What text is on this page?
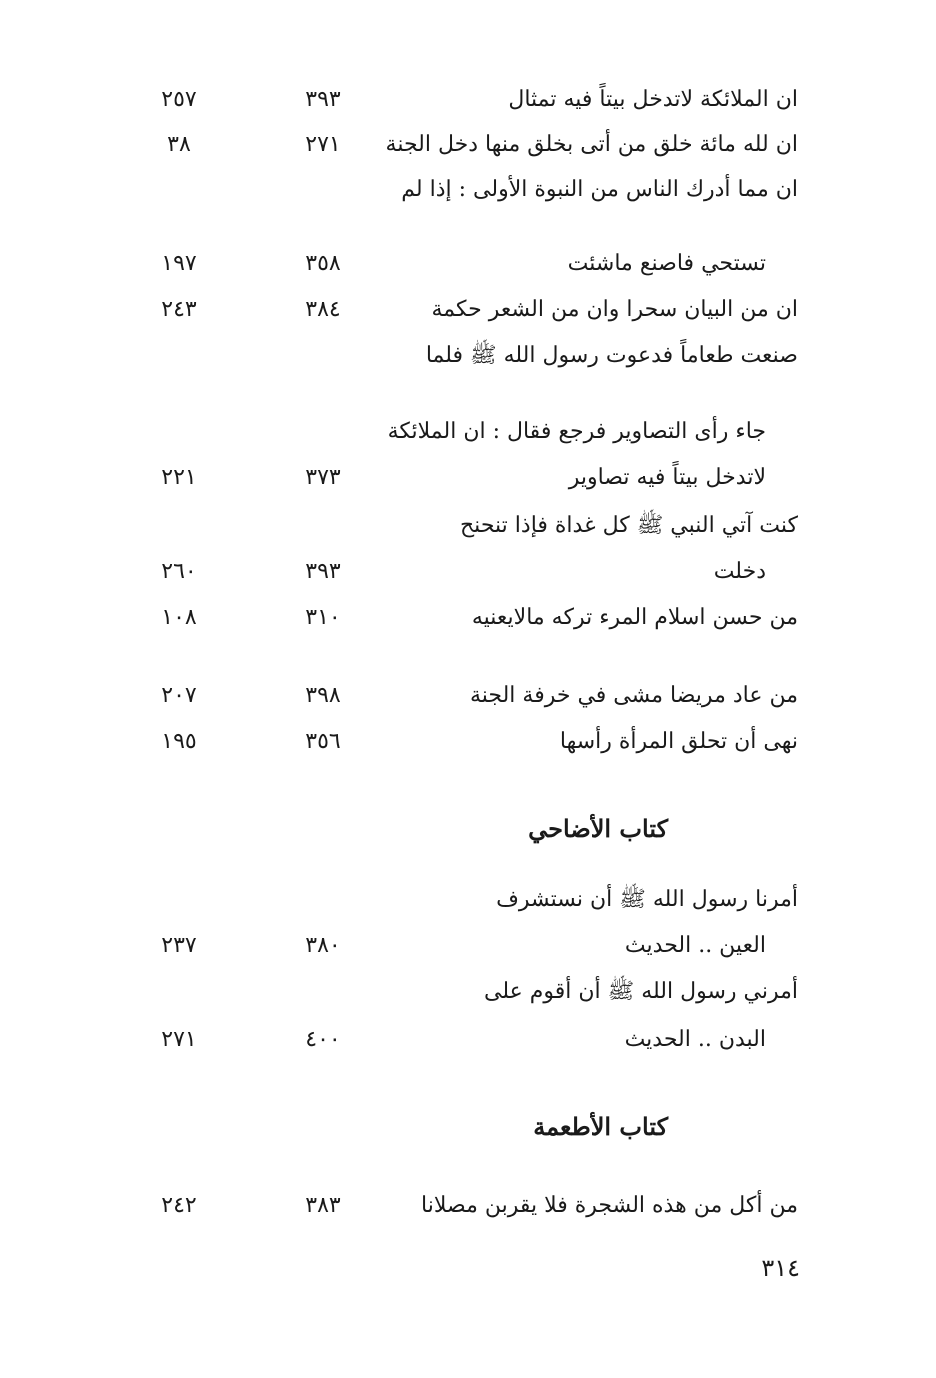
ان الملائكة لاتدخل بيتاً فيه تمثال
٣٩٣
٢٥٧
ان لله مائة خلق من أتى بخلق منها دخل الجنة
٢٧١
٣٨
ان مما أدرك الناس من النبوة الأولى : إذا لم
تستحي فاصنع ماشئت
٣٥٨
١٩٧
ان من البيان سحرا وان من الشعر حكمة
٣٨٤
٢٤٣
صنعت طعاماً فدعوت رسول الله ﷺ فلما
جاء رأى التصاوير فرجع فقال : ان الملائكة
لاتدخل بيتاً فيه تصاوير
٣٧٣
٢٢١
كنت آتي النبي ﷺ كل غداة فإذا تنحنح
دخلت
٣٩٣
٢٦٠
من حسن اسلام المرء تركه مالايعنيه
٣١٠
١٠٨
من عاد مريضا مشى في خرفة الجنة
٣٩٨
٢٠٧
نهى أن تحلق المرأة رأسها
٣٥٦
١٩٥
كتاب الأضاحي
أمرنا رسول الله ﷺ أن نستشرف
العين .. الحديث
٣٨٠
٢٣٧
أمرني رسول الله ﷺ أن أقوم على
البدن .. الحديث
٤٠٠
٢٧١
كتاب الأطعمة
من أكل من هذه الشجرة فلا يقربن مصلانا
٣٨٣
٢٤٢
٣١٤
